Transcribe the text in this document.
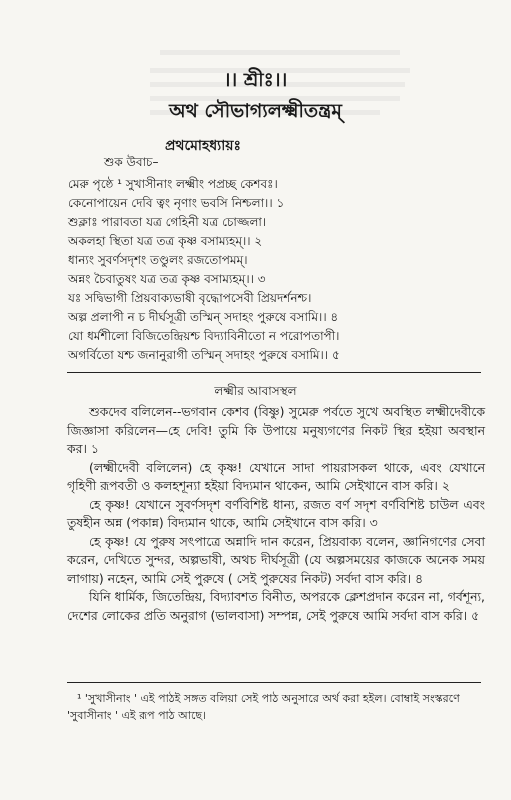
।। শ্রীঃ।।
অথ সৌভাগ্যলক্ষ্মীতন্ত্রম্
প্রথমোহধ্যায়ঃ
শুক উবাচ–
মেরু পৃষ্ঠে ¹ সুখাসীনাং লক্ষ্মীং পপ্রচ্ছ কেশবঃ।
কেনোপায়েন দেবি ত্বং নৃণাং ভবসি নিশ্চলা।। ১
শুক্লাঃ পারাবতা যত্র গেহিনী যত্র চোজ্জলা।
অকলহা স্থিতা যত্র তত্র কৃষ্ণ বসাম্যহম্।। ২
ধান্যং সুবর্ণসদৃশং তণ্ডুলং রজতোপমম্।
অন্নং চৈবাতুষং যত্র তত্র কৃষ্ণ বসাম্যহম্।। ৩
যঃ সদ্বিভাগী প্রিয়বাক্যভাষী বৃদ্ধোপসেবী প্রিয়দর্শনশ্চ।
অল্প প্রলাপী ন চ দীর্ঘসূত্রী তস্মিন্ সদাহং পুরুষে বসামি।। ৪
যো ধর্মশীলো বিজিতেন্দ্রিয়শ্চ বিদ্যাবিনীতো ন পরোপতাপী।
অগর্বিতো যশ্চ জনানুরাগী তস্মিন্ সদাহং পুরুষে বসামি।। ৫
লক্ষ্মীর আবাসস্থল

শুকদেব বলিলেন--ভগবান কেশব (বিষ্ণু) সুমেরু পর্বতে সুখে অবস্থিত লক্ষ্মীদেবীকে জিজ্ঞাসা করিলেন—হে দেবি! তুমি কি উপায়ে মনুষ্যগণের নিকট স্থির হইয়া অবস্থান কর। ১

(লক্ষ্মীদেবী বলিলেন) হে কৃষ্ণ! যেখানে সাদা পায়রাসকল থাকে, এবং যেখানে গৃহিণী রূপবতী ও কলহশূন্যা হইয়া বিদ্যমান থাকেন, আমি সেইখানে বাস করি। ২

হে কৃষ্ণ! যেখানে সুবর্ণসদৃশ বর্ণবিশিষ্ট ধান্য, রজত বর্ণ সদৃশ বর্ণবিশিষ্ট চাউল এবং তুষহীন অন্ন (পকান্ন) বিদ্যমান থাকে, আমি সেইখানে বাস করি। ৩

হে কৃষ্ণ! যে পুরুষ সৎপাত্রে অন্নাদি দান করেন, প্রিয়বাক্য বলেন, জ্ঞানিগণের সেবা করেন, দেখিতে সুন্দর, অল্পভাষী, অথচ দীর্ঘসূত্রী (যে অল্পসময়ের কাজকে অনেক সময় লাগায়) নহেন, আমি সেই পুরুষে ( সেই পুরুষের নিকট) সর্বদা বাস করি। ৪

যিনি ধার্মিক, জিতেন্দ্রিয়, বিদ্যাবশত বিনীত, অপরকে ক্লেশপ্রদান করেন না, গর্বশূন্য, দেশের লোকের প্রতি অনুরাগ (ভালবাসা) সম্পন্ন, সেই পুরুষে আমি সর্বদা বাস করি। ৫

¹ 'সুখাসীনাং ' এই পাঠই সঙ্গত বলিয়া সেই পাঠ অনুসারে অর্থ করা হইল। বোম্বাই সংস্করণে 'সুবাসীনাং ' এই রূপ পাঠ আছে।
